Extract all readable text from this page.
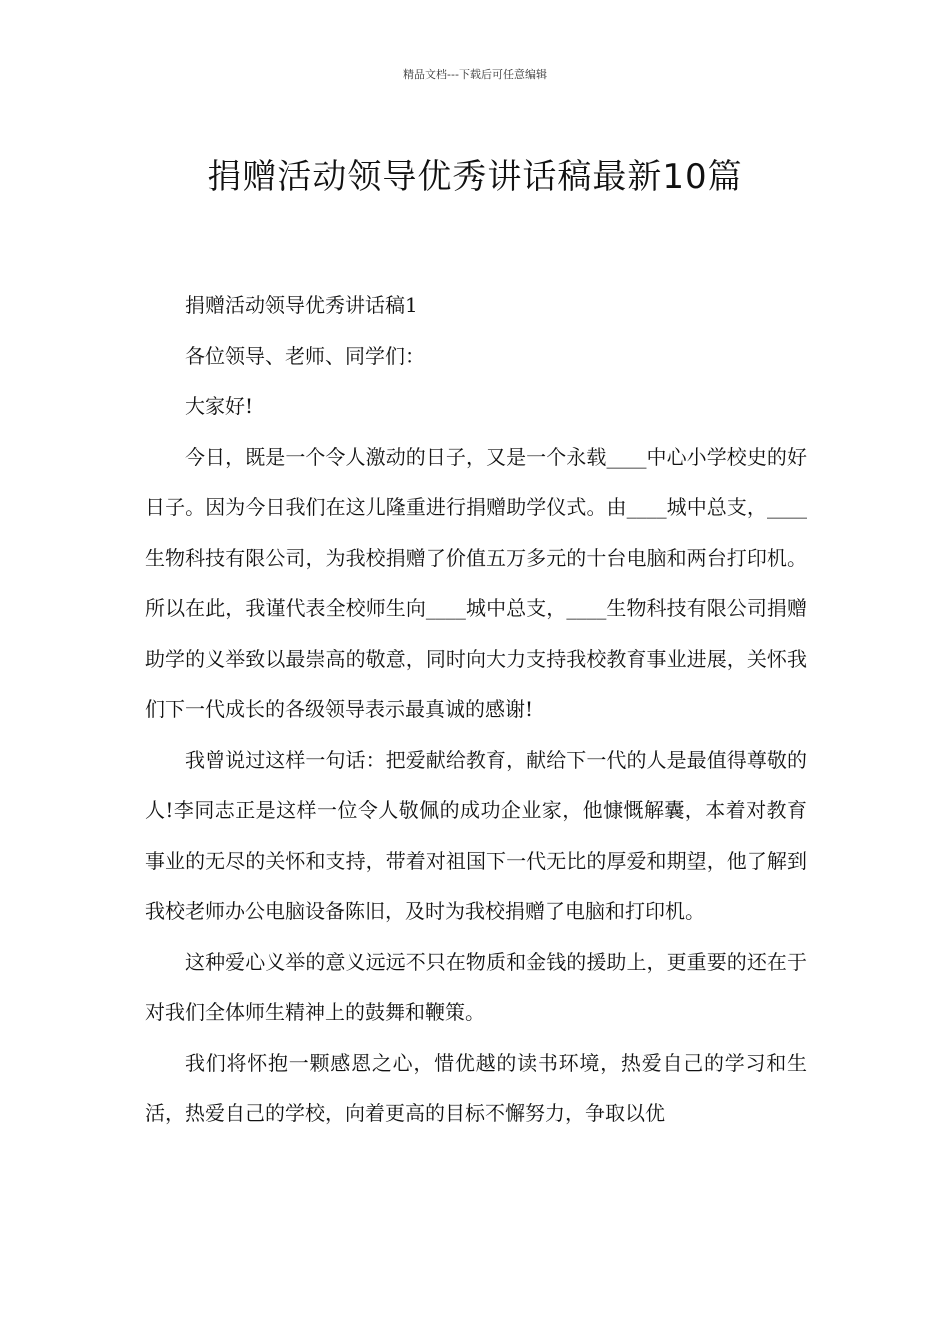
精品文档---下载后可任意编辑
捐赠活动领导优秀讲话稿最新10篇

捐赠活动领导优秀讲话稿1

各位领导、老师、同学们：

大家好!

今日，既是一个令人激动的日子，又是一个永载____中心小学校史的好日子。因为今日我们在这儿隆重进行捐赠助学仪式。由____城中总支，____生物科技有限公司，为我校捐赠了价值五万多元的十台电脑和两台打印机。所以在此，我谨代表全校师生向____城中总支，____生物科技有限公司捐赠助学的义举致以最崇高的敬意，同时向大力支持我校教育事业进展，关怀我们下一代成长的各级领导表示最真诚的感谢!

我曾说过这样一句话：把爱献给教育，献给下一代的人是最值得尊敬的人!李同志正是这样一位令人敬佩的成功企业家，他慷慨解囊，本着对教育事业的无尽的关怀和支持，带着对祖国下一代无比的厚爱和期望，他了解到我校老师办公电脑设备陈旧，及时为我校捐赠了电脑和打印机。

这种爱心义举的意义远远不只在物质和金钱的援助上，更重要的还在于对我们全体师生精神上的鼓舞和鞭策。

我们将怀抱一颗感恩之心，惜优越的读书环境，热爱自己的学习和生活，热爱自己的学校，向着更高的目标不懈努力，争取以优
